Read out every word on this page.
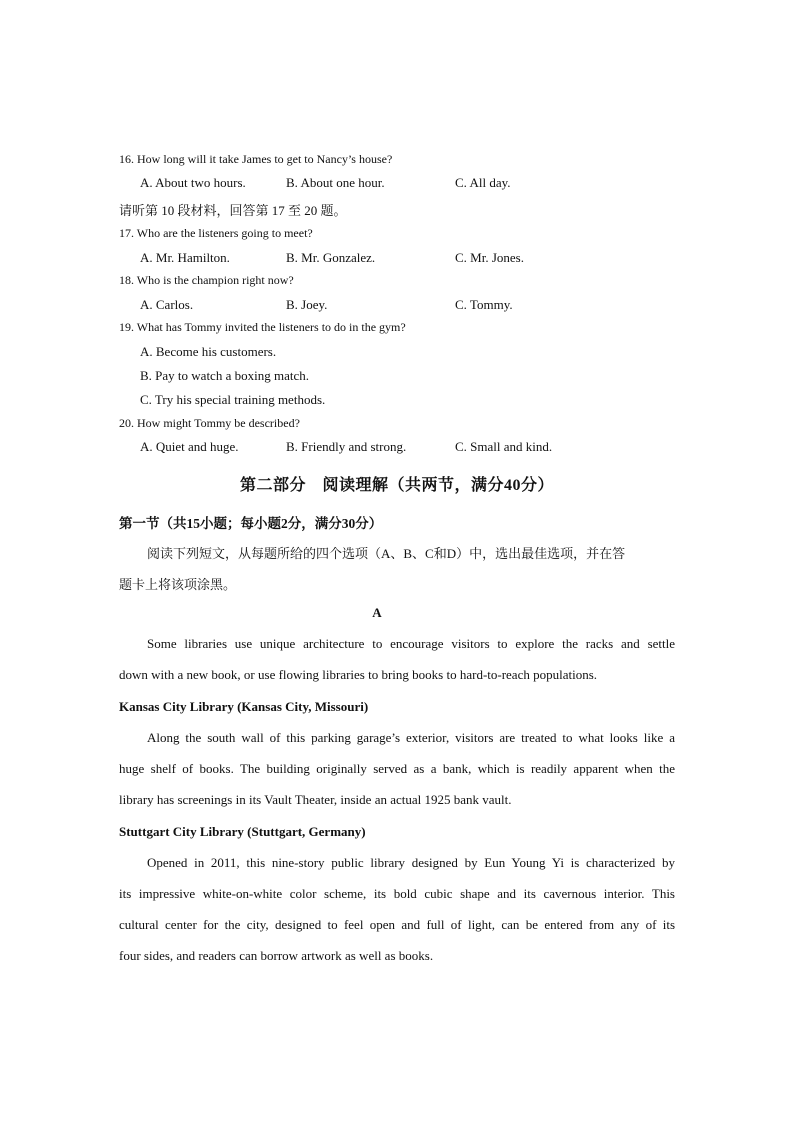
16. How long will it take James to get to Nancy’s house?
A. About two hours.	B. About one hour.	C. All day.
请听第 10 段材料，回答第 17 至 20 题。
17. Who are the listeners going to meet?
A. Mr. Hamilton.	B. Mr. Gonzalez.	C. Mr. Jones.
18. Who is the champion right now?
A. Carlos.	B. Joey.	C. Tommy.
19. What has Tommy invited the listeners to do in the gym?
A. Become his customers.
B. Pay to watch a boxing match.
C. Try his special training methods.
20. How might Tommy be described?
A. Quiet and huge.	B. Friendly and strong.	C. Small and kind.
第二部分　阅读理解（共两节，满分40分）
第一节（共15小题；每小题2分，满分30分）
阅读下列短文，从每题所给的四个选项（A、B、C和D）中，选出最佳选项，并在答
题卡上将该项涂黑。
A
Some libraries use unique architecture to encourage visitors to explore the racks and settle
down with a new book, or use flowing libraries to bring books to hard-to-reach populations.
Kansas City Library (Kansas City, Missouri)
Along the south wall of this parking garage’s exterior, visitors are treated to what looks like a
huge shelf of books. The building originally served as a bank, which is readily apparent when the
library has screenings in its Vault Theater, inside an actual 1925 bank vault.
Stuttgart City Library (Stuttgart, Germany)
Opened in 2011, this nine-story public library designed by Eun Young Yi is characterized by
its impressive white-on-white color scheme, its bold cubic shape and its cavernous interior. This
cultural center for the city, designed to feel open and full of light, can be entered from any of its
four sides, and readers can borrow artwork as well as books.
